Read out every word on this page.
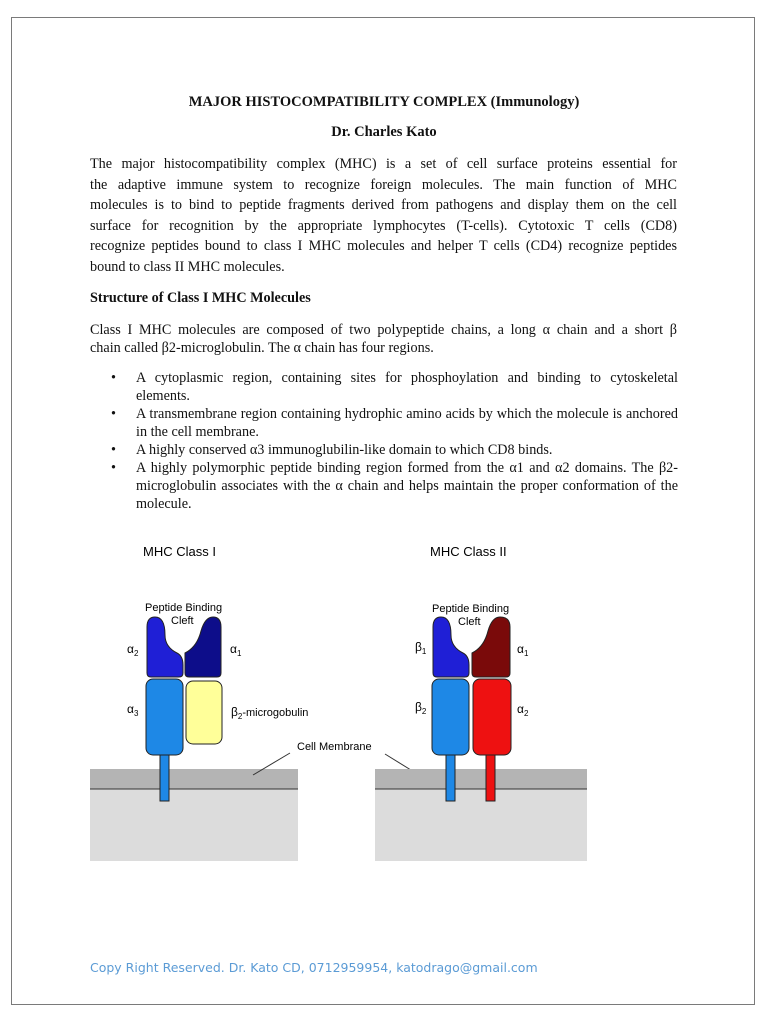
MAJOR HISTOCOMPATIBILITY COMPLEX (Immunology)
Dr. Charles Kato
The major histocompatibility complex (MHC) is a set of cell surface proteins essential for
the adaptive immune system to recognize foreign molecules. The main function of MHC
molecules is to bind to peptide fragments derived from pathogens and display them on the cell
surface for recognition by the appropriate lymphocytes (T-cells). Cytotoxic T cells (CD8)
recognize peptides bound to class I MHC molecules and helper T cells (CD4) recognize peptides
bound to class II MHC molecules.
Structure of Class I MHC Molecules
Class I MHC molecules are composed of two polypeptide chains, a long α chain and a short β
chain called β2-microglobulin. The α chain has four regions.
• A cytoplasmic region, containing sites for phosphoylation and binding to cytoskeletal elements.
• A transmembrane region containing hydrophic amino acids by which the molecule is anchored in the cell membrane.
• A highly conserved α3 immunoglubilin-like domain to which CD8 binds.
• A highly polymorphic peptide binding region formed from the α1 and α2 domains. The β2- microglobulin associates with the α chain and helps maintain the proper conformation of the molecule.
MHC Class I
Peptide Binding
Cleft
$\alpha_2$	$\alpha_1$
$\alpha_3$	$\beta_2$-microgobulin
Cell Membrane
MHC Class II
Peptide Binding
Cleft
$\beta_1$	$\alpha_1$
$\beta_2$	$\alpha_2$
Copy Right Reserved. Dr. Kato CD, 0712959954, katodrago@gmail.com
